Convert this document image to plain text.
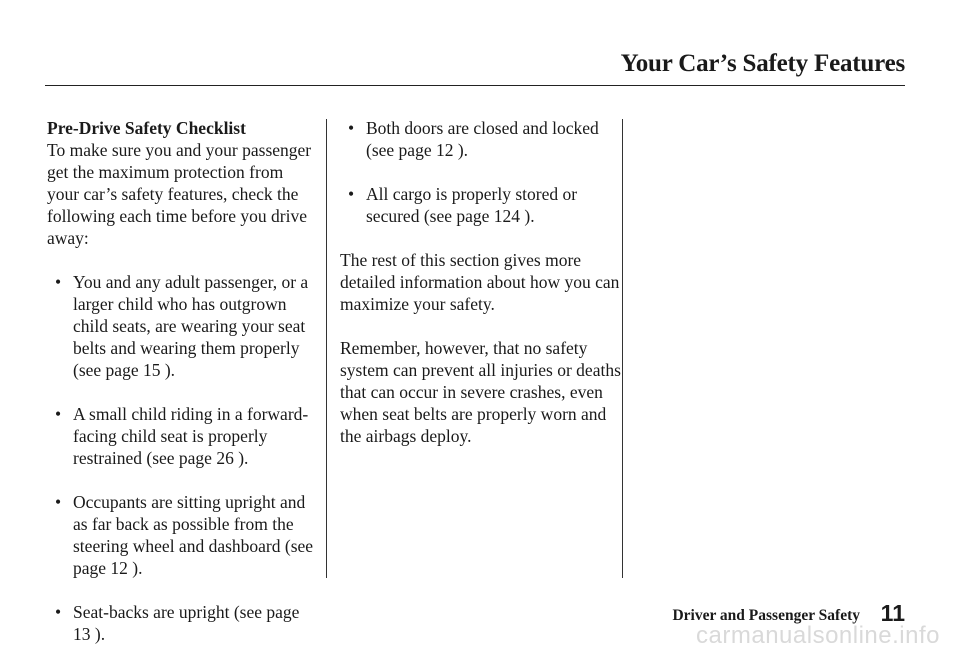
Your Car’s Safety Features
Pre-Drive Safety Checklist

To make sure you and your passenger get the maximum protection from your car’s safety features, check the following each time before you drive away:

• You and any adult passenger, or a larger child who has outgrown child seats, are wearing your seat belts and wearing them properly (see page 15 ).
• A small child riding in a forward-facing child seat is properly restrained (see page 26 ).
• Occupants are sitting upright and as far back as possible from the steering wheel and dashboard (see page 12 ).
• Seat-backs are upright (see page 13 ).
• Both doors are closed and locked (see page 12 ).
• All cargo is properly stored or secured (see page 124 ).

The rest of this section gives more detailed information about how you can maximize your safety.

Remember, however, that no safety system can prevent all injuries or deaths that can occur in severe crashes, even when seat belts are properly worn and the airbags deploy.

Driver and Passenger Safety 11
carmanualsonline.info
